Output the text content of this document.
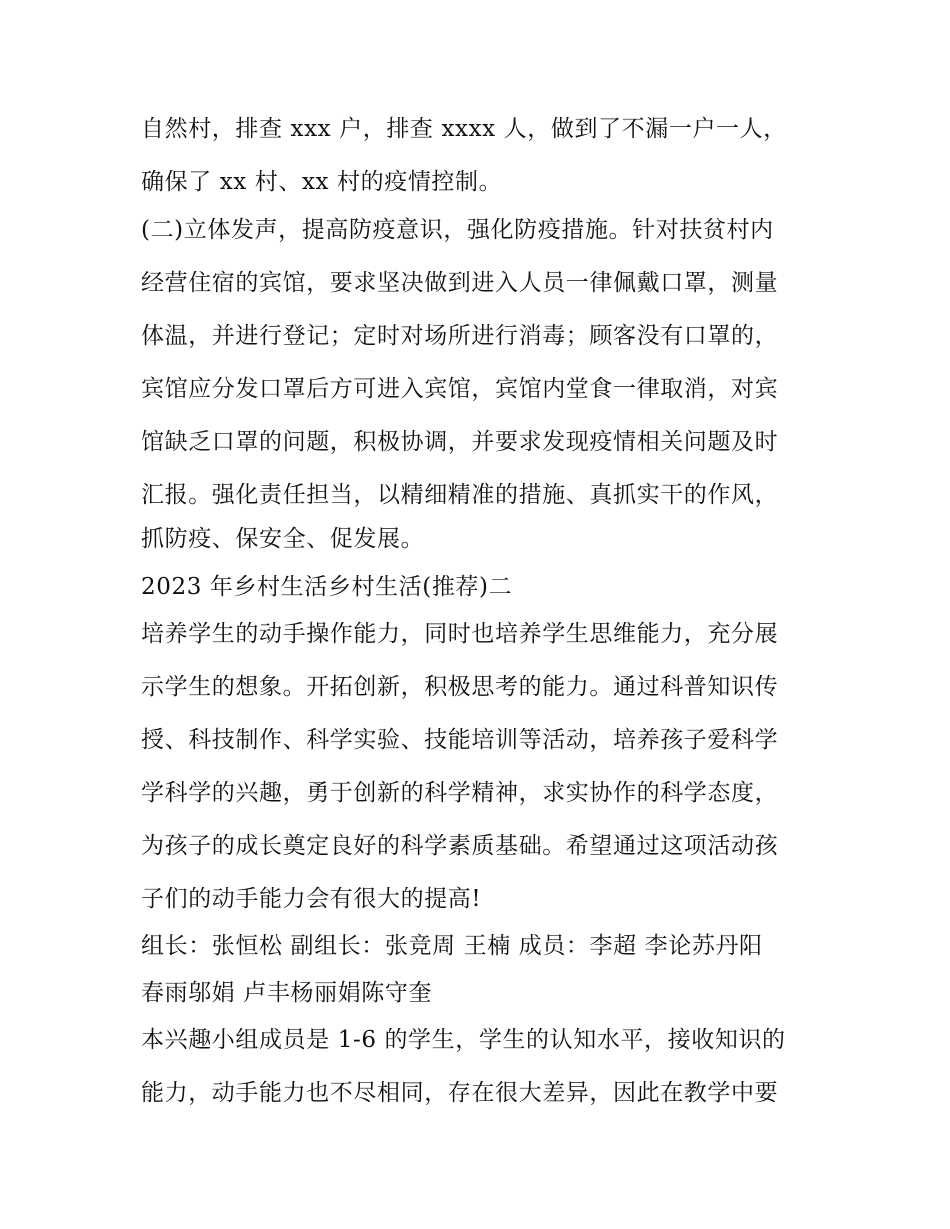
自然村，排查 xxx 户，排查 xxxx 人，做到了不漏一户一人，
确保了 xx 村、xx 村的疫情控制。
(二)立体发声，提高防疫意识，强化防疫措施。针对扶贫村内
经营住宿的宾馆，要求坚决做到进入人员一律佩戴口罩，测量
体温，并进行登记；定时对场所进行消毒；顾客没有口罩的，
宾馆应分发口罩后方可进入宾馆，宾馆内堂食一律取消，对宾
馆缺乏口罩的问题，积极协调，并要求发现疫情相关问题及时
汇报。强化责任担当，以精细精准的措施、真抓实干的作风，
抓防疫、保安全、促发展。
2023 年乡村生活乡村生活(推荐)二
培养学生的动手操作能力，同时也培养学生思维能力，充分展
示学生的想象。开拓创新，积极思考的能力。通过科普知识传
授、科技制作、科学实验、技能培训等活动，培养孩子爱科学
学科学的兴趣，勇于创新的科学精神，求实协作的科学态度，
为孩子的成长奠定良好的科学素质基础。希望通过这项活动孩
子们的动手能力会有很大的提高!
组长：张恒松 副组长：张竞周 王楠 成员：李超 李论苏丹阳
春雨邬娟 卢丰杨丽娟陈守奎
本兴趣小组成员是 1-6 的学生，学生的认知水平，接收知识的
能力，动手能力也不尽相同，存在很大差异，因此在教学中要
